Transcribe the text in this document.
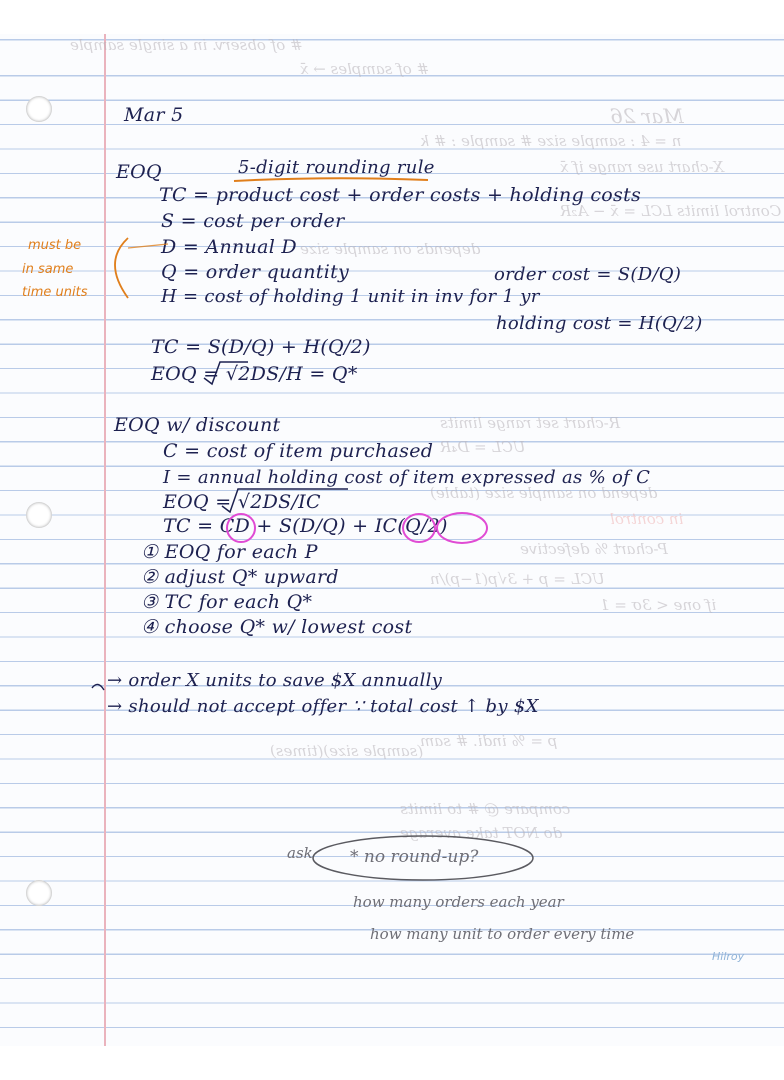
# of observ. in a single sample
# of samples → x̄
Mar 26
n = 4 : sample size # sample : # k
X-chart use range if x̄
Control limits LCL = x̄ − A₂R
depends on sample size
R-chart set range limits
UCL = D₄R
depend on sample size (table)
in control
P-chart % defective
UCL = p + 3√p(1−p)/n
if one < 3σ = 1
p = % indi. # sam
(sample size)(times)
compare @ # to limits
do NOT take average
Mar 5
EOQ	5-digit rounding rule
TC = product cost + order costs + holding costs
S = cost per order
D = Annual D
Q = order quantity
H = cost of holding 1 unit in inv for 1 yr
order cost = S(D/Q)
holding cost = H(Q/2)
TC = S(D/Q) + H(Q/2)
EOQ = √2DS/H = Q*
must be
in same
time units
EOQ w/ discount
C = cost of item purchased
I = annual holding cost of item expressed as % of C
EOQ = √2DS/IC
TC = CD + S(D/Q) + IC(Q/2)
① EOQ for each P
② adjust Q* upward
③ TC for each Q*
④ choose Q* w/ lowest cost
→ order X units to save $X annually
→ should not accept offer ∵ total cost ↑ by $X
ask * no round-up?
how many orders each year
how many unit to order every time
Hilroy
